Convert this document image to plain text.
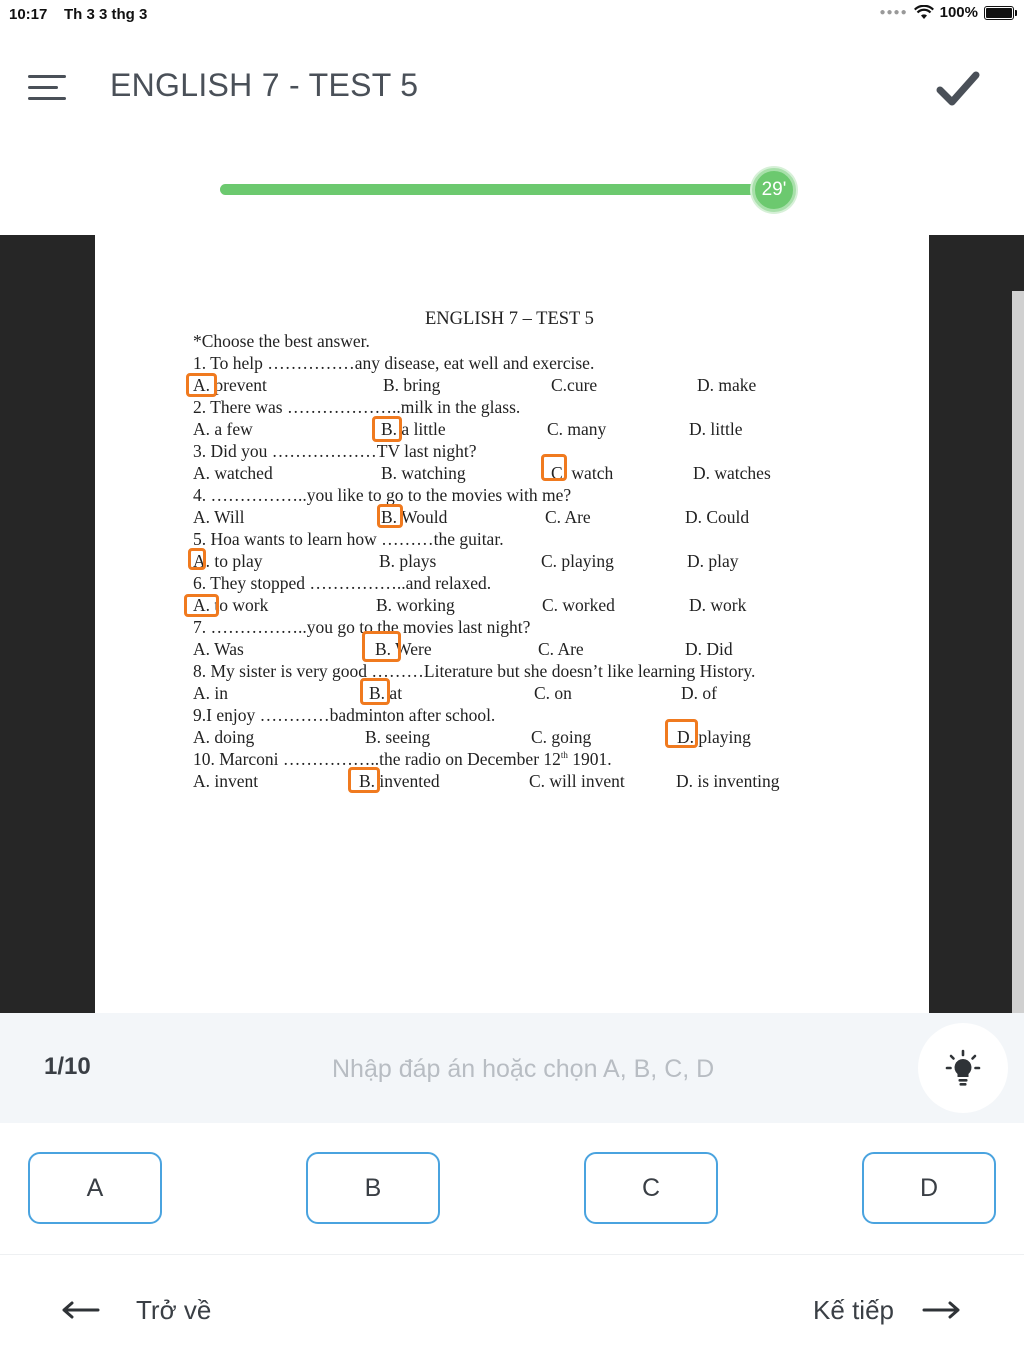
10:17 Th 3 3 thg 3	●●●● 100%
ENGLISH 7 - TEST 5
29'
ENGLISH 7 – TEST 5
*Choose the best answer.
1. To help ……………any disease, eat well and exercise.
A. prevent	B. bring	C.cure	D. make
2. There was ………………..milk in the glass.
A. a few	B. a little	C. many	D. little
3. Did you ………………TV last night?
A. watched	B. watching	C. watch	D. watches
4. ……………..you like to go to the movies with me?
A. Will	B. Would	C. Are	D. Could
5. Hoa wants to learn how ………the guitar.
A. to play	B. plays	C. playing	D. play
6. They stopped ……………..and relaxed.
A. to work	B. working	C. worked	D. work
7. ……………..you go to the movies last night?
A. Was	B. Were	C. Are	D. Did
8. My sister is very good ………Literature but she doesn’t like learning History.
A. in	B. at	C. on	D. of
9.I enjoy …………badminton after school.
A. doing	B. seeing	C. going	D. playing
10. Marconi ……………..the radio on December 12th 1901.
A. invent	B. invented	C. will invent	D. is inventing
1/10
Nhập đáp án hoặc chọn A, B, C, D
A	B	C	D
Trở về	Kế tiếp
